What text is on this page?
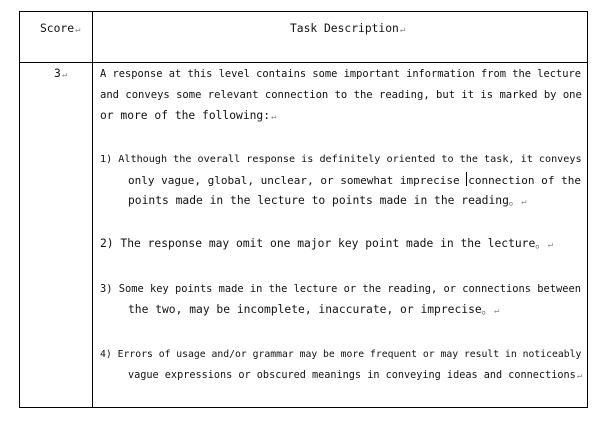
Score↵	Task Description↵
3↵	A response at this level contains some important information from the lecture
and conveys some relevant connection to the reading, but it is marked by one
or more of the following:↵
1) Although the overall response is definitely oriented to the task, it conveys
only vague, global, unclear, or somewhat imprecise connection of the
points made in the lecture to points made in the reading。↵
2) The response may omit one major key point made in the lecture。↵
3) Some key points made in the lecture or the reading, or connections between
the two, may be incomplete, inaccurate, or imprecise。↵
4) Errors of usage and/or grammar may be more frequent or may result in noticeably
vague expressions or obscured meanings in conveying ideas and connections↵
